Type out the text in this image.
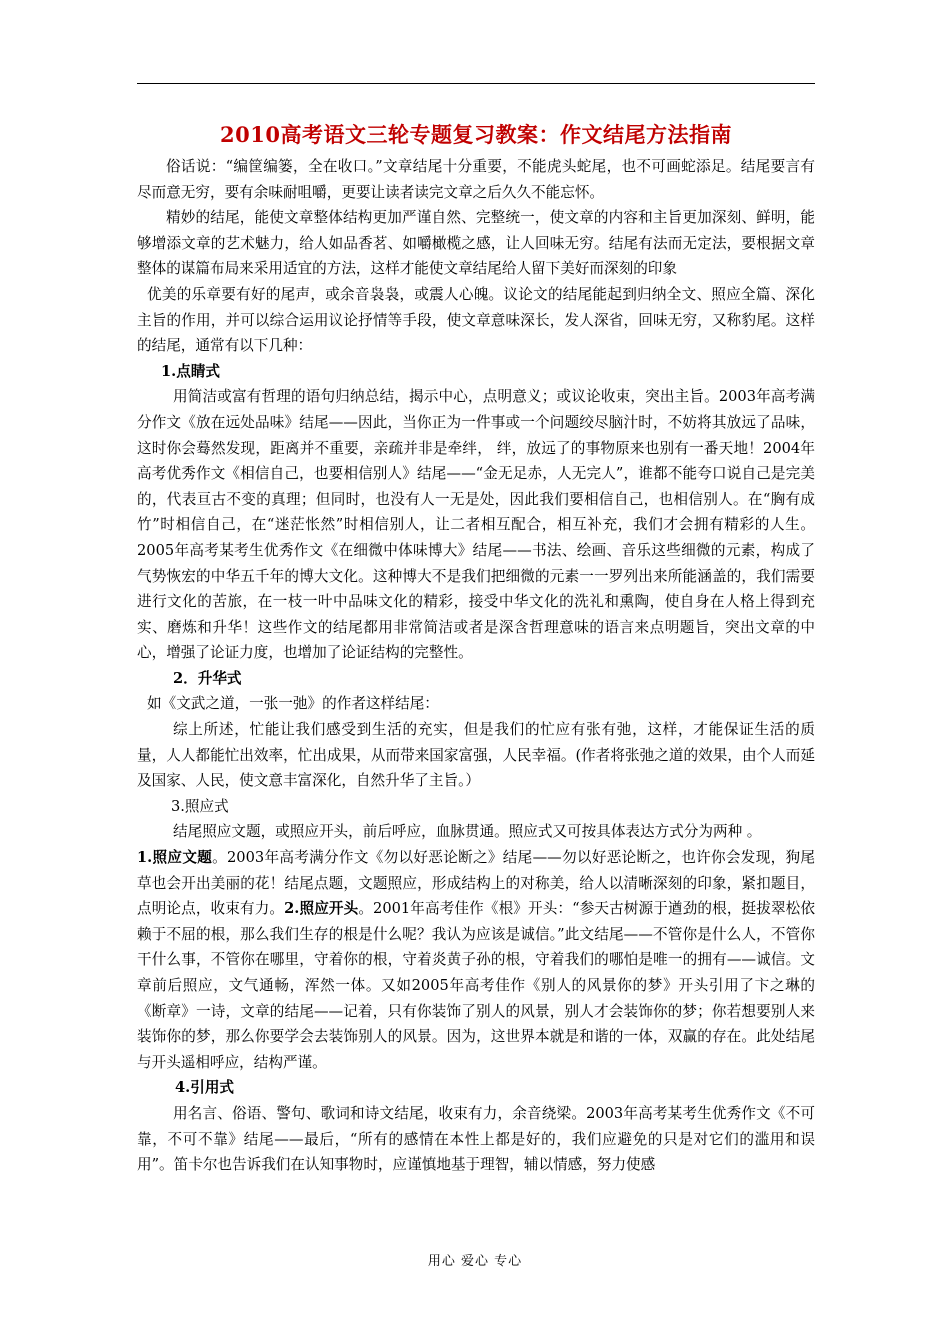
2010高考语文三轮专题复习教案：作文结尾方法指南

俗话说：“编筐编篓，全在收口。”文章结尾十分重要，不能虎头蛇尾，也不可画蛇添足。结尾要言有尽而意无穷，要有余味耐咀嚼，更要让读者读完文章之后久久不能忘怀。

精妙的结尾，能使文章整体结构更加严谨自然、完整统一，使文章的内容和主旨更加深刻、鲜明，能够增添文章的艺术魅力，给人如品香茗、如嚼橄榄之感，让人回味无穷。结尾有法而无定法，要根据文章整体的谋篇布局来采用适宜的方法，这样才能使文章结尾给人留下美好而深刻的印象

优美的乐章要有好的尾声，或余音袅袅，或震人心魄。议论文的结尾能起到归纳全文、照应全篇、深化主旨的作用，并可以综合运用议论抒情等手段，使文章意味深长，发人深省，回味无穷，又称豹尾。这样的结尾，通常有以下几种：

1.点睛式

用简洁或富有哲理的语句归纳总结，揭示中心，点明意义；或议论收束，突出主旨。2003年高考满分作文《放在远处品味》结尾——因此，当你正为一件事或一个问题绞尽脑汁时，不妨将其放远了品味，这时你会蓦然发现，距离并不重要，亲疏并非是牵绊， 绊，放远了的事物原来也别有一番天地！2004年高考优秀作文《相信自己，也要相信别人》结尾——“金无足赤，人无完人”，谁都不能夸口说自己是完美的，代表亘古不变的真理；但同时，也没有人一无是处，因此我们要相信自己，也相信别人。在“胸有成竹”时相信自己，在“迷茫怅然”时相信别人，让二者相互配合，相互补充，我们才会拥有精彩的人生。2005年高考某考生优秀作文《在细微中体味博大》结尾——书法、绘画、音乐这些细微的元素，构成了气势恢宏的中华五千年的博大文化。这种博大不是我们把细微的元素一一罗列出来所能涵盖的，我们需要进行文化的苦旅，在一枝一叶中品味文化的精彩，接受中华文化的洗礼和熏陶，使自身在人格上得到充实、磨炼和升华！这些作文的结尾都用非常简洁或者是深含哲理意味的语言来点明题旨，突出文章的中心，增强了论证力度，也增加了论证结构的完整性。

2．升华式

如《文武之道，一张一弛》的作者这样结尾：

综上所述，忙能让我们感受到生活的充实，但是我们的忙应有张有弛，这样，才能保证生活的质量，人人都能忙出效率，忙出成果，从而带来国家富强，人民幸福。(作者将张弛之道的效果，由个人而延及国家、人民，使文意丰富深化，自然升华了主旨。）

3.照应式

结尾照应文题，或照应开头，前后呼应，血脉贯通。照应式又可按具体表达方式分为两种 。

1.照应文题。2003年高考满分作文《勿以好恶论断之》结尾——勿以好恶论断之，也许你会发现，狗尾草也会开出美丽的花！结尾点题，文题照应，形成结构上的对称美，给人以清晰深刻的印象，紧扣题目，点明论点，收束有力。2.照应开头。2001年高考佳作《根》开头：“参天古树源于遒劲的根，挺拔翠松依赖于不屈的根，那么我们生存的根是什么呢？我认为应该是诚信。”此文结尾——不管你是什么人，不管你干什么事，不管你在哪里，守着你的根，守着炎黄子孙的根，守着我们的哪怕是唯一的拥有——诚信。文章前后照应，文气通畅，浑然一体。又如2005年高考佳作《别人的风景你的梦》开头引用了卞之琳的《断章》一诗，文章的结尾——记着，只有你装饰了别人的风景，别人才会装饰你的梦；你若想要别人来装饰你的梦，那么你要学会去装饰别人的风景。因为，这世界本就是和谐的一体，双赢的存在。此处结尾与开头遥相呼应，结构严谨。

4.引用式

用名言、俗语、警句、歌词和诗文结尾，收束有力，余音绕梁。2003年高考某考生优秀作文《不可靠，不可不靠》结尾——最后，“所有的感情在本性上都是好的，我们应避免的只是对它们的滥用和误用”。笛卡尔也告诉我们在认知事物时，应谨慎地基于理智，辅以情感，努力使感

用心 爱心 专心
